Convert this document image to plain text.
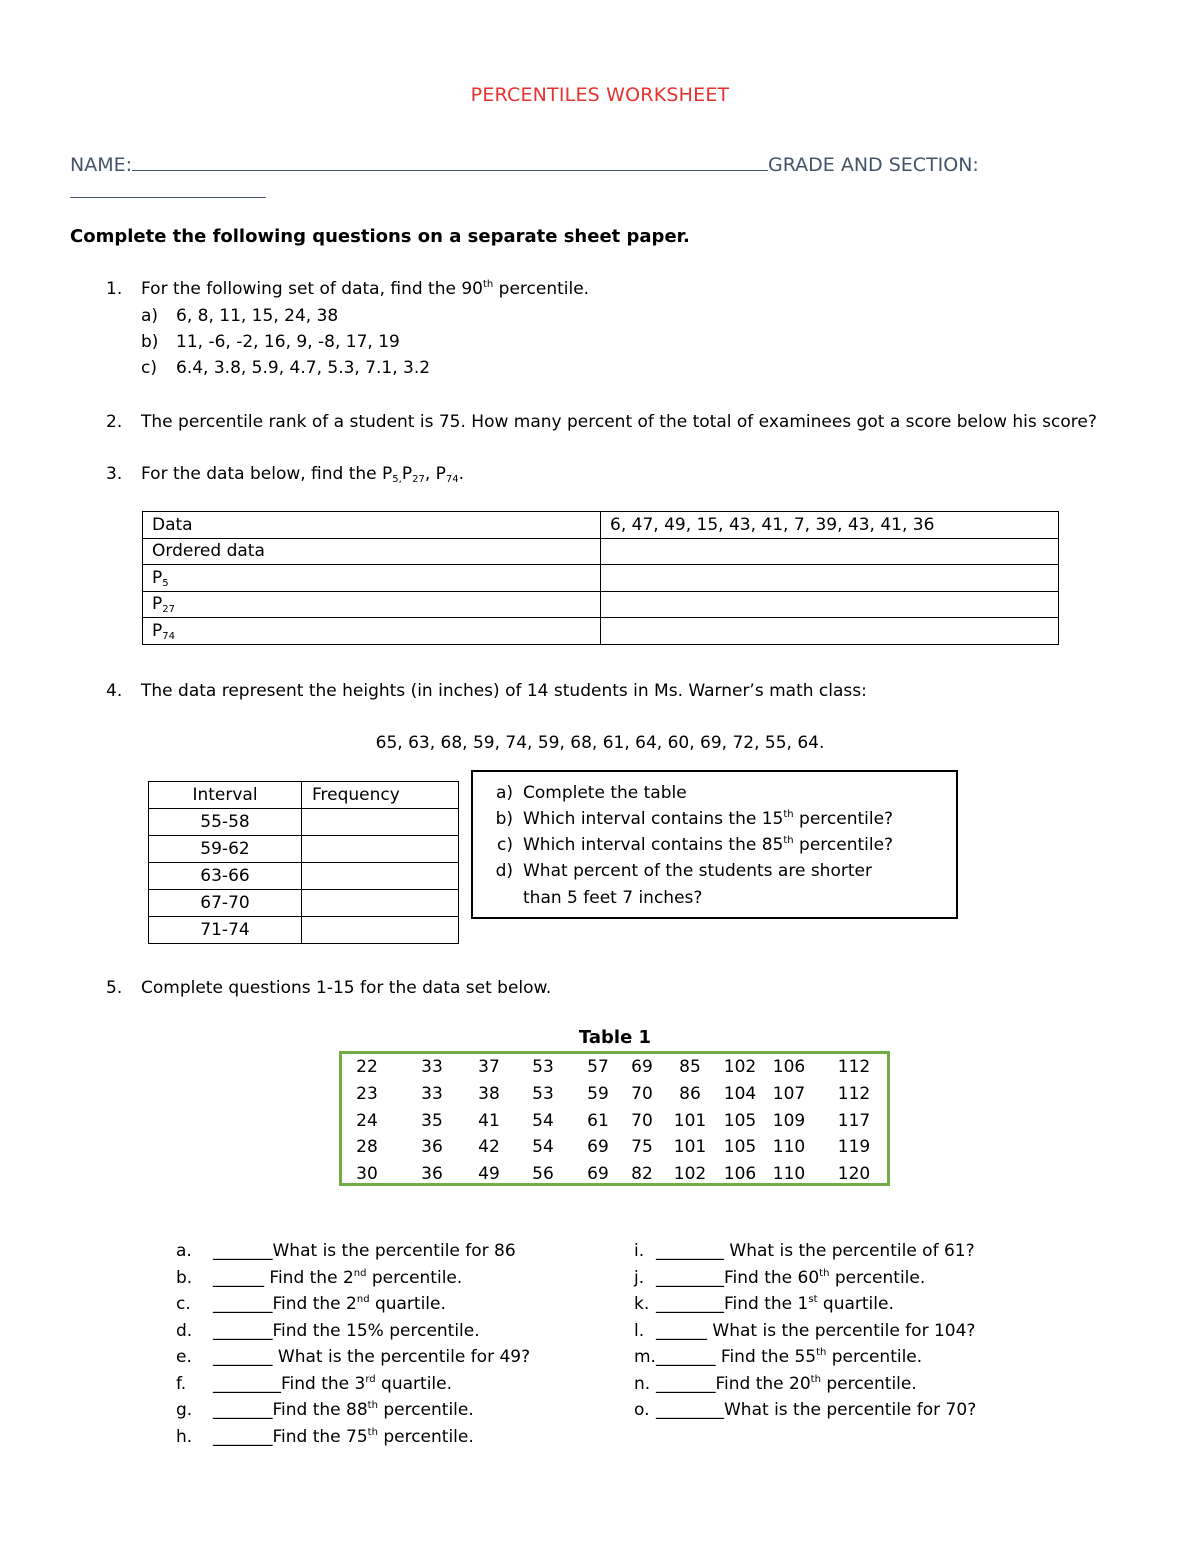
PERCENTILES WORKSHEET
NAME:	GRADE AND SECTION:
Complete the following questions on a separate sheet paper.
1. For the following set of data, find the 90th percentile.
a) 6, 8, 11, 15, 24, 38
b) 11, -6, -2, 16, 9, -8, 17, 19
c) 6.4, 3.8, 5.9, 4.7, 5.3, 7.1, 3.2
2. The percentile rank of a student is 75. How many percent of the total of examinees got a score below his score?
3. For the data below, find the $P_{5,}P_{27}$, $P_{74}$.
Data	6, 47, 49, 15, 43, 41, 7, 39, 43, 41, 36
Ordered data	
$P_5$	
$P_{27}$	
$P_{74}$	
4. The data represent the heights (in inches) of 14 students in Ms. Warner’s math class:
65, 63, 68, 59, 74, 59, 68, 61, 64, 60, 69, 72, 55, 64.
Interval	Frequency
55-58	
59-62	
63-66	
67-70	
71-74	
a) Complete the table
b) Which interval contains the 15th percentile?
c) Which interval contains the 85th percentile?
d) What percent of the students are shorter
than 5 feet 7 inches?
5. Complete questions 1-15 for the data set below.
Table 1
22	33	37	53	57	69	85	102 106	112
23	33	38	53	59	70	86	104 107	112
24	35	41	54	61	70	101	105 109	117
28	36	42	54	69	75	101	105 110	119
30	36	49	56	69	82	102	106 110	120
a. _______What is the percentile for 86
b. ______ Find the 2nd percentile.
c. _______Find the 2nd quartile.
d. _______Find the 15% percentile.
e. _______ What is the percentile for 49?
f. ________Find the 3rd quartile.
g. _______Find the 88th percentile.
h. _______Find the 75th percentile.
i. ________ What is the percentile of 61?
j. ________Find the 60th percentile.
k. ________Find the 1st quartile.
l. ______ What is the percentile for 104?
m. _______ Find the 55th percentile.
n. _______Find the 20th percentile.
o. ________What is the percentile for 70?
